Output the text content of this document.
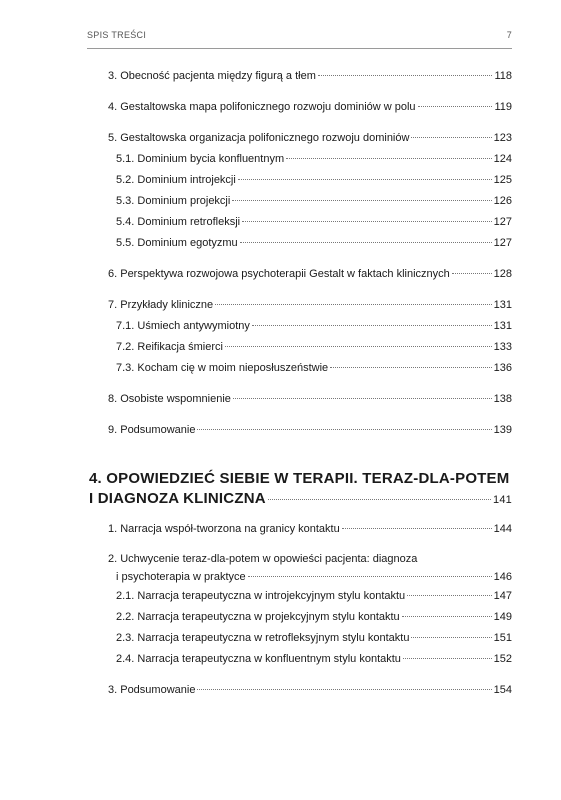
SPIS TREŚCI	7
3. Obecność pacjenta między figurą a tłem	118
4. Gestaltowska mapa polifonicznego rozwoju dominiów w polu	119
5. Gestaltowska organizacja polifonicznego rozwoju dominiów	123
5.1. Dominium bycia konfluentnym	124
5.2. Dominium introjekcji	125
5.3. Dominium projekcji	126
5.4. Dominium retrofleksji	127
5.5. Dominium egotyzmu	127
6. Perspektywa rozwojowa psychoterapii Gestalt w faktach klinicznych	128
7. Przykłady kliniczne	131
7.1. Uśmiech antywymiotny	131
7.2. Reifikacja śmierci	133
7.3. Kocham cię w moim nieposłuszeństwie	136
8. Osobiste wspomnienie	138
9. Podsumowanie	139
4. OPOWIEDZIEĆ SIEBIE W TERAPII. TERAZ-DLA-POTEM
I DIAGNOZA KLINICZNA	141
1. Narracja współ-tworzona na granicy kontaktu	144
2. Uchwycenie teraz-dla-potem w opowieści pacjenta: diagnoza
i psychoterapia w praktyce	146
2.1. Narracja terapeutyczna w introjekcyjnym stylu kontaktu	147
2.2. Narracja terapeutyczna w projekcyjnym stylu kontaktu	149
2.3. Narracja terapeutyczna w retrofleksyjnym stylu kontaktu	151
2.4. Narracja terapeutyczna w konfluentnym stylu kontaktu	152
3. Podsumowanie	154
